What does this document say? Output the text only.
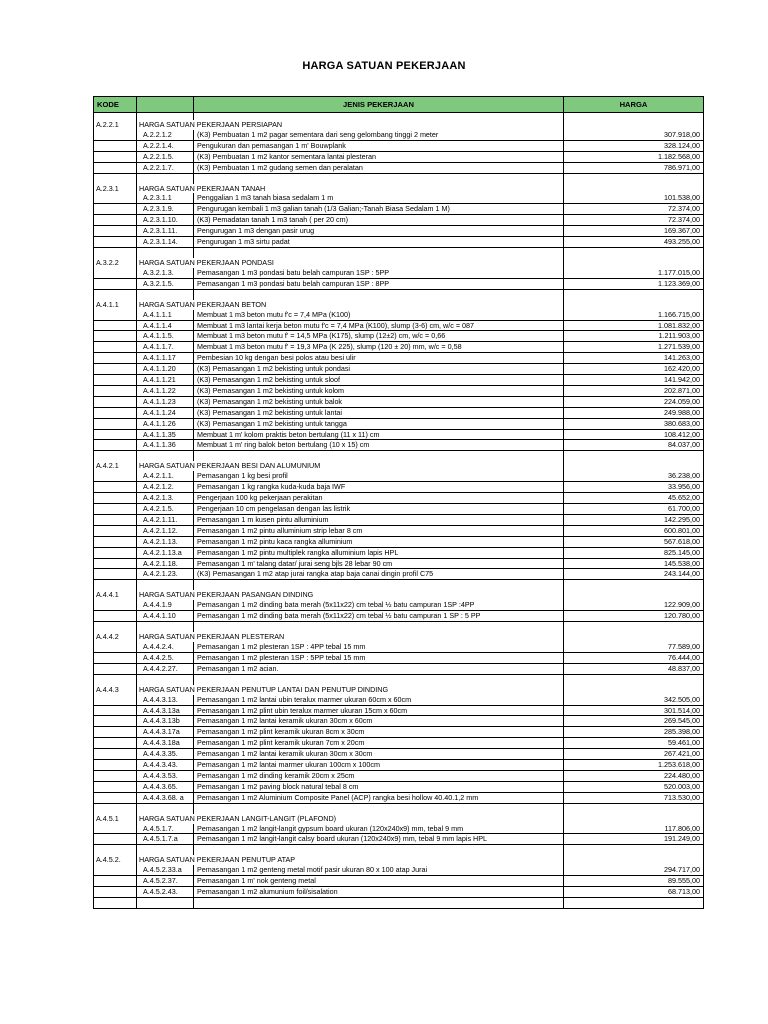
HARGA SATUAN PEKERJAAN
KODE		JENIS PEKERJAAN	HARGA

A.2.2.1	HARGA SATUAN PEKERJAAN PERSIAPAN		
	A.2.2.1.2	(K3) Pembuatan 1 m2 pagar sementara dari seng gelombang tinggi 2 meter	307.918,00
	A.2.2.1.4.	Pengukuran dan pemasangan 1 m' Bouwplank	328.124,00
	A.2.2.1.5.	(K3) Pembuatan 1 m2 kantor sementara lantai plesteran	1.182.568,00
	A.2.2.1.7.	(K3) Pembuatan 1 m2 gudang semen dan peralatan	786.971,00

A.2.3.1	HARGA SATUAN PEKERJAAN TANAH		
	A.2.3.1.1	Penggalian 1 m3 tanah biasa sedalam 1 m	101.538,00
	A.2.3.1.9.	Pengurugan kembali 1 m3 galian tanah (1/3 Galian;-Tanah Biasa Sedalam 1 M)	72.374,00
	A.2.3.1.10.	(K3) Pemadatan tanah 1 m3 tanah ( per 20 cm)	72.374,00
	A.2.3.1.11.	Pengurugan 1 m3 dengan pasir urug	169.367,00
	A.2.3.1.14.	Pengurugan 1 m3 sirtu padat	493.255,00

A.3.2.2	HARGA SATUAN PEKERJAAN PONDASI		
	A.3.2.1.3.	Pemasangan 1 m3 pondasi batu belah campuran 1SP : 5PP	1.177.015,00
	A.3.2.1.5.	Pemasangan 1 m3 pondasi batu belah campuran 1SP : 8PP	1.123.369,00

A.4.1.1	HARGA SATUAN PEKERJAAN BETON		
	A.4.1.1.1	Membuat 1 m3 beton mutu f'c = 7,4 MPa (K100)	1.166.715,00
	A.4.1.1.4	Membuat 1 m3 lantai kerja beton mutu f'c = 7,4 MPa (K100), slump (3-6) cm, w/c = 087	1.081.832,00
	A.4.1.1.5.	Membuat 1 m3 beton mutu f' = 14,5 MPa (K175), slump (12±2) cm, w/c = 0,66	1.211.903,00
	A.4.1.1.7.	Membuat 1 m3 beton mutu f' = 19,3 MPa (K 225), slump (120 ± 20) mm, w/c = 0,58	1.271.539,00
	A.4.1.1.17	Pembesian 10 kg dengan besi polos atau besi ulir	141.263,00
	A.4.1.1.20	(K3) Pemasangan 1 m2 bekisting untuk pondasi	162.420,00
	A.4.1.1.21	(K3) Pemasangan 1 m2 bekisting untuk sloof	141.942,00
	A.4.1.1.22	(K3) Pemasangan 1 m2 bekisting untuk kolom	202.871,00
	A.4.1.1.23	(K3) Pemasangan 1 m2 bekisting untuk balok	224.059,00
	A.4.1.1.24	(K3) Pemasangan 1 m2 bekisting untuk lantai	249.988,00
	A.4.1.1.26	(K3) Pemasangan 1 m2 bekisting untuk tangga	380.683,00
	A.4.1.1.35	Membuat 1 m' kolom praktis beton bertulang (11 x 11) cm	108.412,00
	A.4.1.1.36	Membuat 1 m' ring balok beton bertulang (10 x 15) cm	84.037,00

A.4.2.1	HARGA SATUAN PEKERJAAN BESI DAN ALUMUNIUM		
	A.4.2.1.1.	Pemasangan 1 kg besi profil	36.238,00
	A.4.2.1.2.	Pemasangan 1 kg rangka kuda-kuda baja IWF	33.956,00
	A.4.2.1.3.	Pengerjaan 100 kg pekerjaan perakitan	45.652,00
	A.4.2.1.5.	Pengerjaan 10 cm pengelasan dengan las listrik	61.700,00
	A.4.2.1.11.	Pemasangan 1 m kusen pintu alluminium	142.295,00
	A.4.2.1.12.	Pemasangan 1 m2 pintu alluminium strip lebar 8 cm	600.801,00
	A.4.2.1.13.	Pemasangan 1 m2 pintu kaca rangka alluminium	567.618,00
	A.4.2.1.13.a	Pemasangan 1 m2 pintu multiplek rangka alluminium lapis HPL	825.145,00
	A.4.2.1.18.	Pemasangan 1 m' talang datar/ jurai seng bjls 28 lebar 90 cm	145.538,00
	A.4.2.1.23.	(K3) Pemasangan 1 m2 atap jurai rangka atap baja canai dingin profil C75	243.144,00

A.4.4.1	HARGA SATUAN PEKERJAAN PASANGAN DINDING		
	A.4.4.1.9	Pemasangan 1 m2 dinding bata merah (5x11x22) cm tebal ½ batu campuran 1SP :4PP	122.909,00
	A.4.4.1.10	Pemasangan 1 m2 dinding bata merah (5x11x22) cm tebal ½ batu campuran 1 SP : 5 PP	120.780,00

A.4.4.2	HARGA SATUAN PEKERJAAN PLESTERAN		
	A.4.4.2.4.	Pemasangan 1 m2 plesteran 1SP : 4PP tebal 15 mm	77.589,00
	A.4.4.2.5.	Pemasangan 1 m2 plesteran 1SP : 5PP tebal 15 mm	76.444,00
	A.4.4.2.27.	Pemasangan 1 m2 acian.	48.837,00

A.4.4.3	HARGA SATUAN PEKERJAAN PENUTUP LANTAI DAN PENUTUP DINDING		
	A.4.4.3.13.	Pemasangan 1 m2 lantai ubin teralux marmer ukuran 60cm x 60cm	342.505,00
	A.4.4.3.13a	Pemasangan 1 m2 plint ubin teralux marmer ukuran 15cm x 60cm	301.514,00
	A.4.4.3.13b	Pemasangan 1 m2 lantai keramik ukuran 30cm x 60cm	269.545,00
	A.4.4.3.17a	Pemasangan 1 m2 plint keramik ukuran 8cm x 30cm	285.398,00
	A.4.4.3.18a	Pemasangan 1 m2 plint keramik ukuran 7cm x 20cm	59.461,00
	A.4.4.3.35.	Pemasangan 1 m2 lantai keramik ukuran 30cm x 30cm	267.421,00
	A.4.4.3.43.	Pemasangan 1 m2 lantai marmer ukuran 100cm x 100cm	1.253.618,00
	A.4.4.3.53.	Pemasangan 1 m2 dinding keramik 20cm x 25cm	224.480,00
	A.4.4.3.65.	Pemasangan 1 m2 paving block natural tebal 8 cm	520.003,00
	A.4.4.3.68. a	Pemasangan 1 m2 Aluminium Composite Panel (ACP) rangka besi hollow 40.40.1,2 mm	713.530,00

A.4.5.1	HARGA SATUAN PEKERJAAN LANGIT-LANGIT (PLAFOND)		
	A.4.5.1.7.	Pemasangan 1 m2 langit-langit gypsum board ukuran (120x240x9) mm, tebal 9 mm	117.806,00
	A.4.5.1.7.a	Pemasangan 1 m2 langit-langit calsy board ukuran (120x240x9) mm, tebal 9 mm lapis HPL	191.249,00

A.4.5.2.	HARGA SATUAN PEKERJAAN PENUTUP ATAP		
	A.4.5.2.33.a	Pemasangan 1 m2 genteng metal motif pasir ukuran 80 x 100 atap Jurai	294.717,00
	A.4.5.2.37.	Pemasangan 1 m' nok genteng metal	89.555,00
	A.4.5.2.43.	Pemasangan 1 m2 alumunium foil/sisalation	68.713,00
